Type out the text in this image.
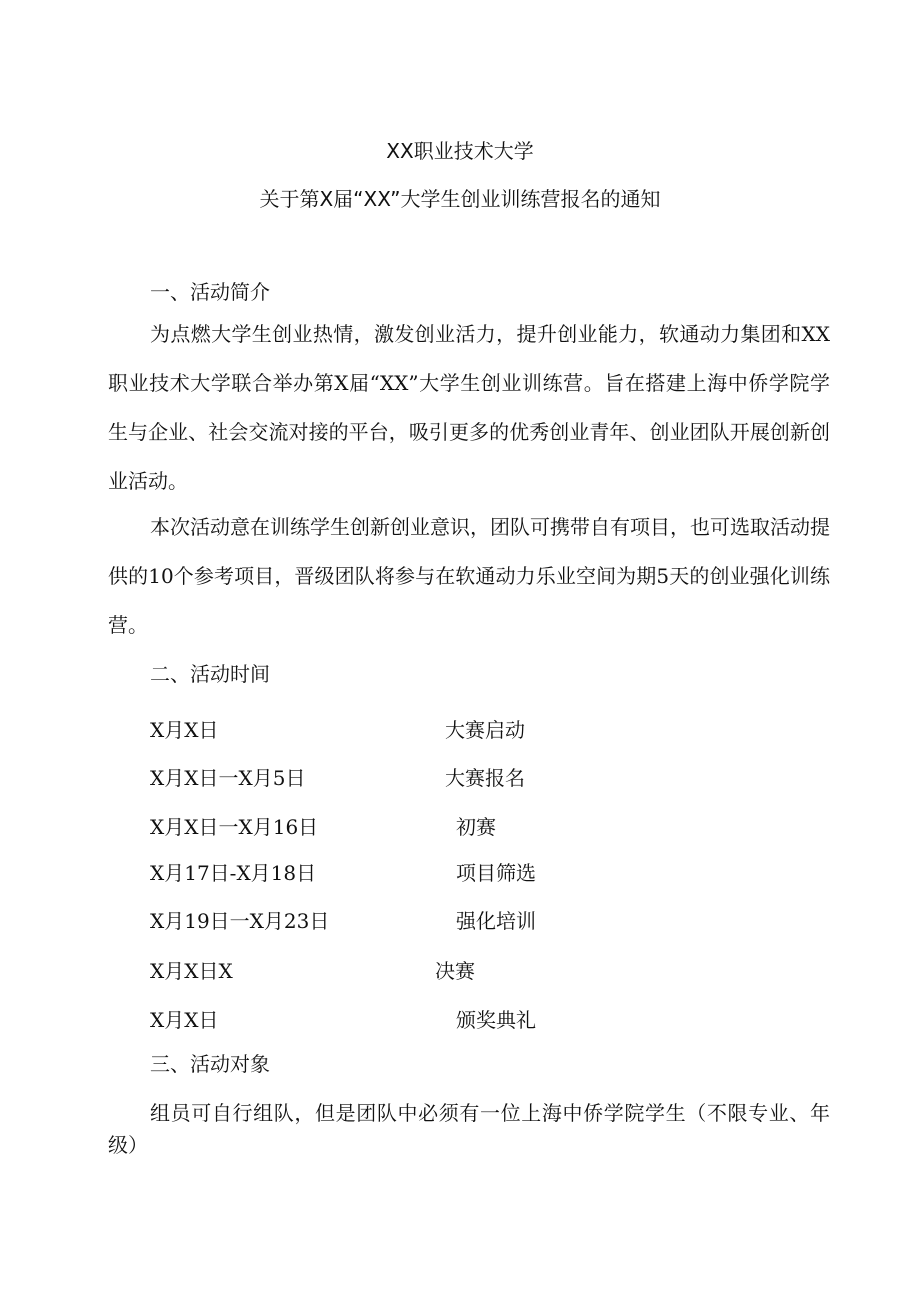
XX职业技术大学
关于第X届“XX”大学生创业训练营报名的通知
一、活动简介
为点燃大学生创业热情，激发创业活力，提升创业能力，软通动力集团和XX职业技术大学联合举办第X届“XX”大学生创业训练营。旨在搭建上海中侨学院学生与企业、社会交流对接的平台，吸引更多的优秀创业青年、创业团队开展创新创业活动。
本次活动意在训练学生创新创业意识，团队可携带自有项目，也可选取活动提供的10个参考项目，晋级团队将参与在软通动力乐业空间为期5天的创业强化训练营。
二、活动时间
X月X日	大赛启动
X月X日一X月5日	大赛报名
X月X日一X月16日	初赛
X月17日-X月18日	项目筛选
X月19日一X月23日	强化培训
X月X日X	决赛
X月X日	颁奖典礼
三、活动对象
组员可自行组队，但是团队中必须有一位上海中侨学院学生（不限专业、年级）
